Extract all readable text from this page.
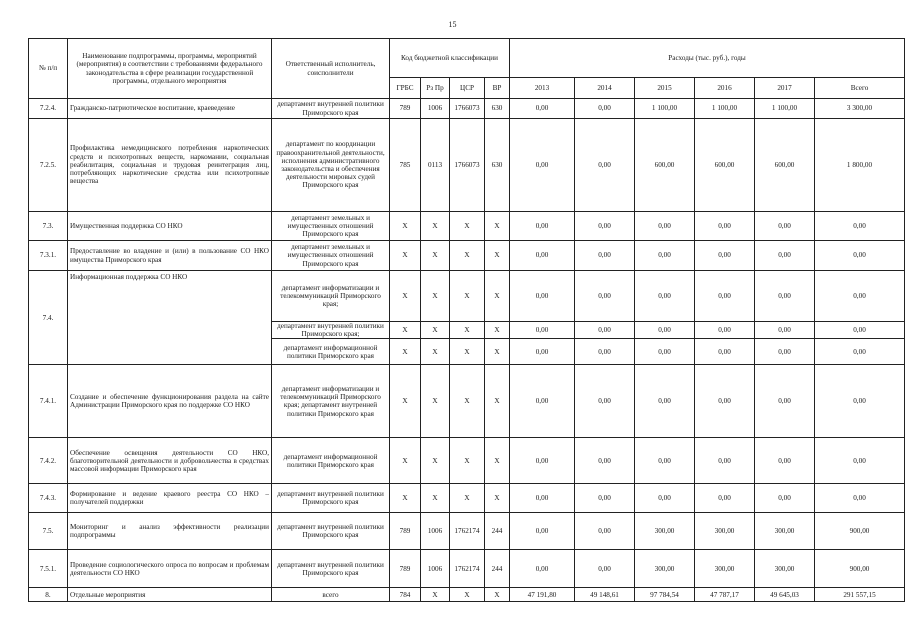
15
№ п/п	Наименование подпрограммы, программы, мероприятий (мероприятия) в соответствии с требованиями федерального законодательства в сфере реализации государственной программы, отдельного мероприятия	Ответственный исполнитель, соисполнители	Код бюджетной классификации				Расходы (тыс. руб.), годы					
			ГРБС	Рз Пр	ЦСР	ВР	2013	2014	2015	2016	2017	Всего
7.2.4.	Гражданско-патриотическое воспитание, краеведение	департамент внутренней политики Приморского края	789	1006	1766073	630	0,00	0,00	1 100,00	1 100,00	1 100,00	3 300,00
7.2.5.	Профилактика немедицинского потребления наркотических средств и психотропных веществ, наркомании, социальная реабилитация, социальная и трудовая реинтеграция лиц, потребляющих наркотические средства или психотропные вещества	департамент по координации правоохранительной деятельности, исполнения административного законодательства и обеспечения деятельности мировых судей Приморского края	785	0113	1766073	630	0,00	0,00	600,00	600,00	600,00	1 800,00
7.3.	Имущественная поддержка СО НКО	департамент земельных и имущественных отношений Приморского края	X	X	X	X	0,00	0,00	0,00	0,00	0,00	0,00
7.3.1.	Предоставление во владение и (или) в пользование СО НКО имущества Приморского края	департамент земельных и имущественных отношений Приморского края	X	X	X	X	0,00	0,00	0,00	0,00	0,00	0,00
7.4.	Информационная поддержка СО НКО	департамент информатизации и телекоммуникаций Приморского края;	X	X	X	X	0,00	0,00	0,00	0,00	0,00	0,00
		департамент внутренней политики Приморского края;	X	X	X	X	0,00	0,00	0,00	0,00	0,00	0,00
		департамент информационной политики Приморского края	X	X	X	X	0,00	0,00	0,00	0,00	0,00	0,00
7.4.1.	Создание и обеспечение функционирования раздела на сайте Администрации Приморского края по поддержке СО НКО	департамент информатизации и телекоммуникаций Приморского края; департамент внутренней политики Приморского края	X	X	X	X	0,00	0,00	0,00	0,00	0,00	0,00
7.4.2.	Обеспечение освещения деятельности СО НКО, благотворительной деятельности и добровольчества в средствах массовой информации Приморского края	департамент информационной политики Приморского края	X	X	X	X	0,00	0,00	0,00	0,00	0,00	0,00
7.4.3.	Формирование и ведение краевого реестра СО НКО – получателей поддержки	департамент внутренней политики Приморского края	X	X	X	X	0,00	0,00	0,00	0,00	0,00	0,00
7.5.	Мониторинг и анализ эффективности реализации подпрограммы	департамент внутренней политики Приморского края	789	1006	1762174	244	0,00	0,00	300,00	300,00	300,00	900,00
7.5.1.	Проведение социологического опроса по вопросам и проблемам деятельности СО НКО	департамент внутренней политики Приморского края	789	1006	1762174	244	0,00	0,00	300,00	300,00	300,00	900,00
8.	Отдельные мероприятия	всего	784	X	X	X	47 191,80	49 148,61	97 784,54	47 787,17	49 645,03	291 557,15
